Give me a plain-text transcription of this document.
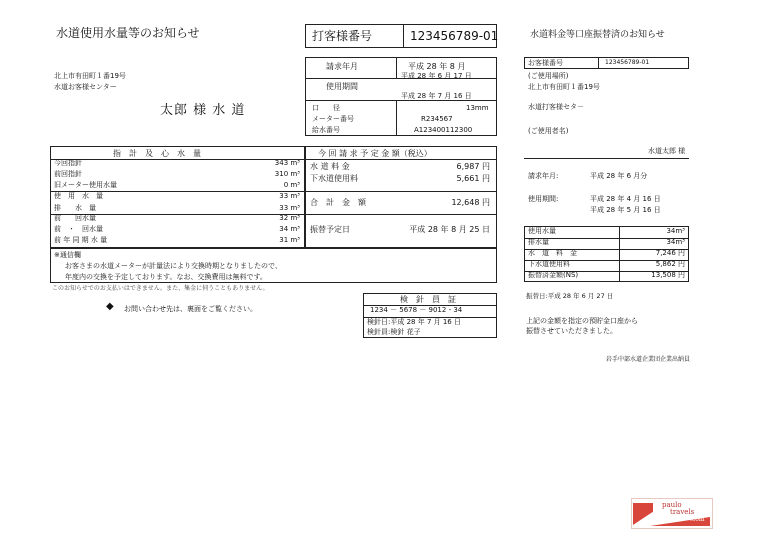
水道使用水量等のお知らせ	打客様番号	123456789-01
北上市有田町１番19号
水道お客様センター
太郎 様 水 道
請求年月	平成 28 年 8 月
使用期間
平成 28 年 6 月 17 日
平成 28 年 7 月 16 日
口　　径	13mm
メーター番号	R234567
給水番号	A123400112300
指　計　及　心　水　量
今回指針	343 m³
前回指針	310 m³
旧メーター使用水量	0 m³
使　用　水　量	33 m³
排　　水　量	33 m³
前　　回水量	32 m³
前　・　回水量	34 m³
前 年 同 期 水 量	31 m³
今 回 請 求 予 定 金 額（税込）
水 道 料 金	6,987 円
下水道使用料	5,661 円
合　計　金　額	12,648 円
振替予定日	平成 28 年 8 月 25 日
※通信欄
お客さまの水道メーターが計量法により交換時期となりましたので、
年度内の交換を予定しております。なお、交換費用は無料です。
このお知らせでのお支払いはできません。また、集金に伺うこともありません。
◆ お問い合わせ先は、裏面をご覧ください。
検　針　員　証
1234 － 5678 － 9012 - 34
検針日:平成 28 年 7 月 16 日
検針員:検針 花子
水道料金等口座振替済のお知らせ
お客様番号	123456789-01
(ご使用場所)
北上市有田町１番19号
水道打客様セタ－
(ご使用者名)
水道太郎 様
請求年月:	平成 28 年 6 月分
使用期間:	平成 28 年 4 月 16 日
平成 28 年 5 月 16 日
使用水量	34m³
排水量	34m³
水　道　料　金	7,246 円
下水道使用料	5,862 円
振替済金額(NS)	13,508 円
振替日:平成 28 年 6 月 27 日
上記の金額を指定の預貯金口座から
振替させていただきました。
岩手中部水道企業団企業出納員
paulo
travels
.com
